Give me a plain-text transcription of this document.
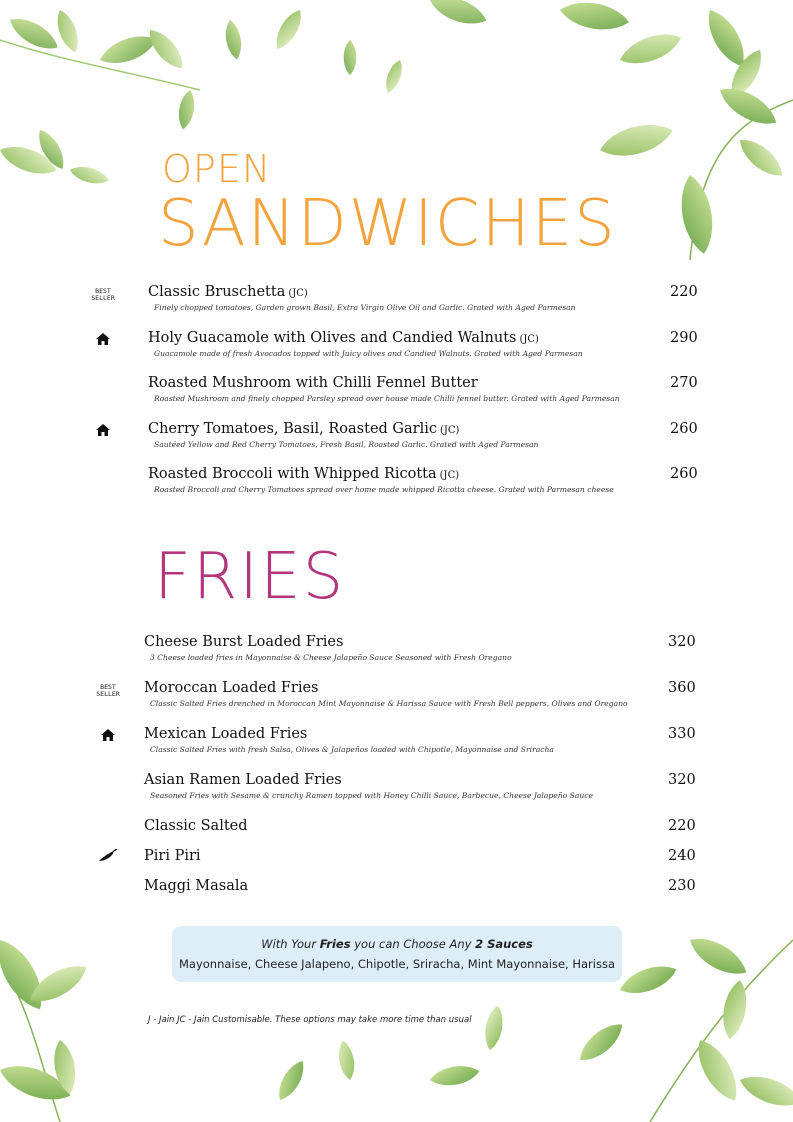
OPEN
SANDWICHES
FRIES
BEST
SELLER	Classic Bruschetta (JC)
Finely chopped tomatoes, Garden grown Basil, Extra Virgin Olive Oil and Garlic. Grated with Aged Parmesan
220
Holy Guacamole with Olives and Candied Walnuts (JC)
Guacamole made of fresh Avocados topped with Juicy olives and Candied Walnuts. Grated with Aged Parmesan
290
Roasted Mushroom with Chilli Fennel Butter
Roasted Mushroom and finely chopped Parsley spread over house made Chilli fennel butter. Grated with Aged Parmesan
270
Cherry Tomatoes, Basil, Roasted Garlic (JC)
Sautéed Yellow and Red Cherry Tomatoes, Fresh Basil, Roasted Garlic. Grated with Aged Parmesan
260
Roasted Broccoli with Whipped Ricotta (JC)
Roasted Broccoli and Cherry Tomatoes spread over home made whipped Ricotta cheese. Grated with Parmesan cheese
260
Cheese Burst Loaded Fries
3 Cheese loaded fries in Mayonnaise & Cheese Jalapeño Sauce Seasoned with Fresh Oregano
320
BEST
SELLER	Moroccan Loaded Fries
Classic Salted Fries drenched in Moroccan Mint Mayonnaise & Harissa Sauce with Fresh Bell peppers, Olives and Oregano
360
Mexican Loaded Fries
Classic Salted Fries with fresh Salsa, Olives & Jalapeños loaded with Chipotle, Mayonnaise and Sriracha
330
Asian Ramen Loaded Fries
Seasoned Fries with Sesame & crunchy Ramen topped with Honey Chilli Sauce, Barbecue, Cheese Jalapeño Sauce
320
Classic Salted	220
Piri Piri	240
Maggi Masala	230
With Your Fries you can Choose Any 2 Sauces
Mayonnaise, Cheese Jalapeno, Chipotle, Sriracha, Mint Mayonnaise, Harissa
J - Jain JC - Jain Customisable. These options may take more time than usual
